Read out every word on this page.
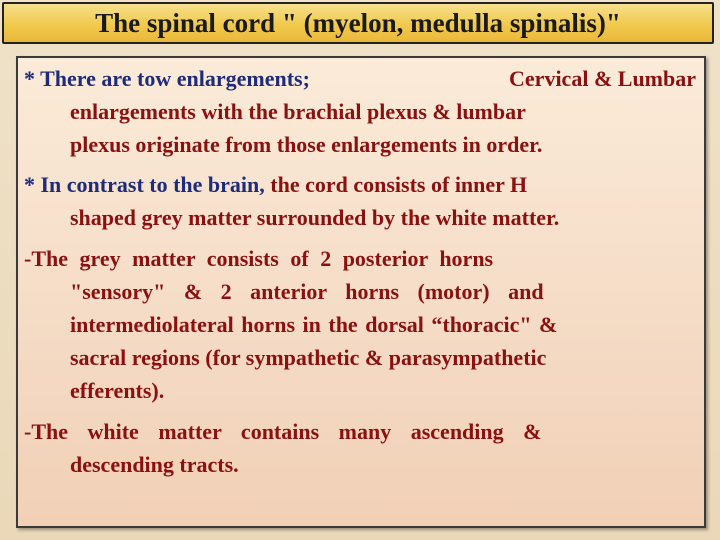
The spinal cord " (myelon, medulla spinalis)"
* There are tow enlargements;	Cervical & Lumbar
enlargements with the brachial plexus & lumbar
plexus originate from those enlargements in order.
* In contrast to the brain, the cord consists of inner H
shaped grey matter surrounded by the white matter.
-The grey matter consists of 2 posterior horns
"sensory" & 2 anterior horns (motor) and
intermediolateral horns in the dorsal “thoracic" &
sacral regions (for sympathetic & parasympathetic
efferents).
-The white matter contains many ascending &
descending tracts.
